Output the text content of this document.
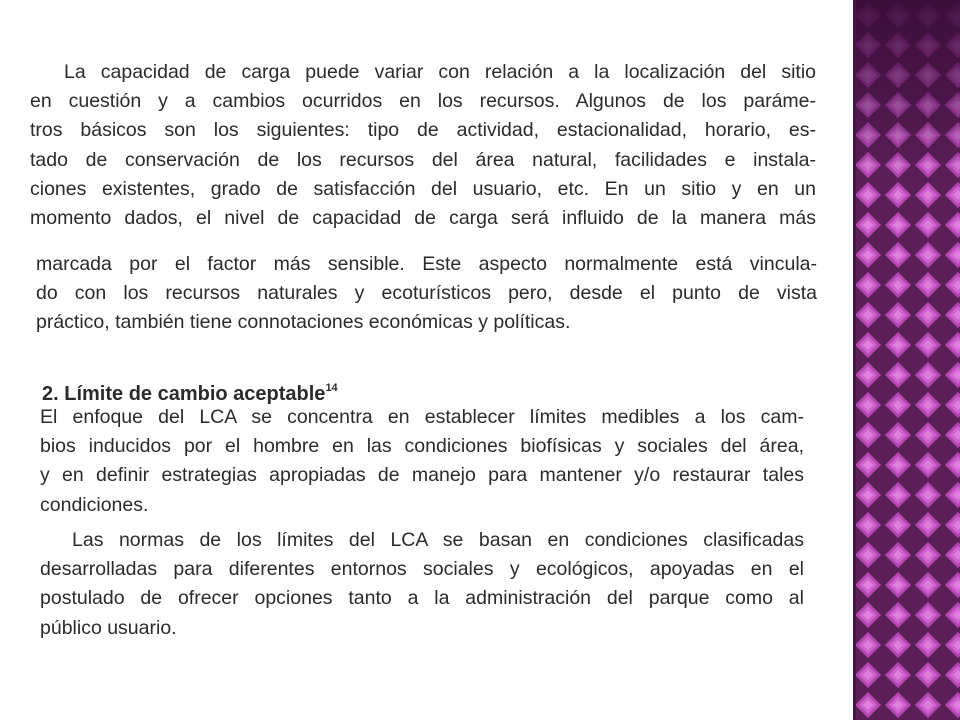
La capacidad de carga puede variar con relación a la localización del sitio
en cuestión y a cambios ocurridos en los recursos. Algunos de los paráme-
tros básicos son los siguientes: tipo de actividad, estacionalidad, horario, es-
tado de conservación de los recursos del área natural, facilidades e instala-
ciones existentes, grado de satisfacción del usuario, etc. En un sitio y en un
momento dados, el nivel de capacidad de carga será influido de la manera más
marcada por el factor más sensible. Este aspecto normalmente está vincula-
do con los recursos naturales y ecoturísticos pero, desde el punto de vista
práctico, también tiene connotaciones económicas y políticas.
2. Límite de cambio aceptable$^{14}$
El enfoque del LCA se concentra en establecer límites medibles a los cam-
bios inducidos por el hombre en las condiciones biofísicas y sociales del área,
y en definir estrategias apropiadas de manejo para mantener y/o restaurar tales
condiciones.
Las normas de los límites del LCA se basan en condiciones clasificadas
desarrolladas para diferentes entornos sociales y ecológicos, apoyadas en el
postulado de ofrecer opciones tanto a la administración del parque como al
público usuario.
